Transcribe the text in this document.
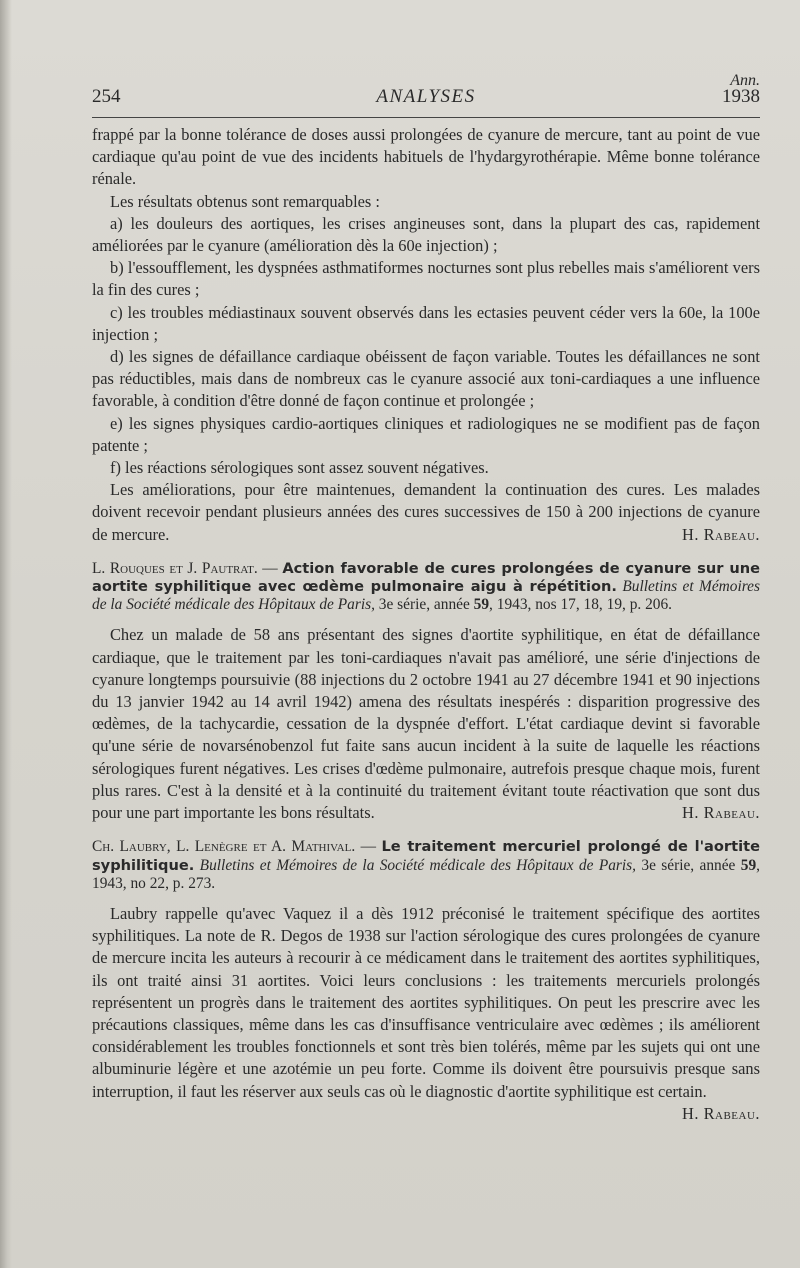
Ann.
254	ANALYSES	1938

frappé par la bonne tolérance de doses aussi prolongées de cyanure de mercure, tant au point de vue cardiaque qu'au point de vue des incidents habituels de l'hydargyrothérapie. Même bonne tolérance rénale.

Les résultats obtenus sont remarquables :

a) les douleurs des aortiques, les crises angineuses sont, dans la plupart des cas, rapidement améliorées par le cyanure (amélioration dès la 60e injection) ;

b) l'essoufflement, les dyspnées asthmatiformes nocturnes sont plus rebelles mais s'améliorent vers la fin des cures ;

c) les troubles médiastinaux souvent observés dans les ectasies peuvent céder vers la 60e, la 100e injection ;

d) les signes de défaillance cardiaque obéissent de façon variable. Toutes les défaillances ne sont pas réductibles, mais dans de nombreux cas le cyanure associé aux toni-cardiaques a une influence favorable, à condition d'être donné de façon continue et prolongée ;

e) les signes physiques cardio-aortiques cliniques et radiologiques ne se modifient pas de façon patente ;

f) les réactions sérologiques sont assez souvent négatives.

Les améliorations, pour être maintenues, demandent la continuation des cures. Les malades doivent recevoir pendant plusieurs années des cures successives de 150 à 200 injections de cyanure de mercure.	H. Rabeau.

L. Rouques et J. Pautrat. — Action favorable de cures prolongées de cyanure sur une aortite syphilitique avec œdème pulmonaire aigu à répétition. Bulletins et Mémoires de la Société médicale des Hôpitaux de Paris, 3e série, année 59, 1943, nos 17, 18, 19, p. 206.

Chez un malade de 58 ans présentant des signes d'aortite syphilitique, en état de défaillance cardiaque, que le traitement par les toni-cardiaques n'avait pas amélioré, une série d'injections de cyanure longtemps poursuivie (88 injections du 2 octobre 1941 au 27 décembre 1941 et 90 injections du 13 janvier 1942 au 14 avril 1942) amena des résultats inespérés : disparition progressive des œdèmes, de la tachycardie, cessation de la dyspnée d'effort. L'état cardiaque devint si favorable qu'une série de novarsénobenzol fut faite sans aucun incident à la suite de laquelle les réactions sérologiques furent négatives. Les crises d'œdème pulmonaire, autrefois presque chaque mois, furent plus rares. C'est à la densité et à la continuité du traitement évitant toute réactivation que sont dus pour une part importante les bons résultats.	H. Rabeau.

Ch. Laubry, L. Lenègre et A. Mathival. — Le traitement mercuriel prolongé de l'aortite syphilitique. Bulletins et Mémoires de la Société médicale des Hôpitaux de Paris, 3e série, année 59, 1943, no 22, p. 273.

Laubry rappelle qu'avec Vaquez il a dès 1912 préconisé le traitement spécifique des aortites syphilitiques. La note de R. Degos de 1938 sur l'action sérologique des cures prolongées de cyanure de mercure incita les auteurs à recourir à ce médicament dans le traitement des aortites syphilitiques, ils ont traité ainsi 31 aortites. Voici leurs conclusions : les traitements mercuriels prolongés représentent un progrès dans le traitement des aortites syphilitiques. On peut les prescrire avec les précautions classiques, même dans les cas d'insuffisance ventriculaire avec œdèmes ; ils améliorent considérablement les troubles fonctionnels et sont très bien tolérés, même par les sujets qui ont une albuminurie légère et une azotémie un peu forte. Comme ils doivent être poursuivis presque sans interruption, il faut les réserver aux seuls cas où le diagnostic d'aortite syphilitique est certain.
H. Rabeau.
